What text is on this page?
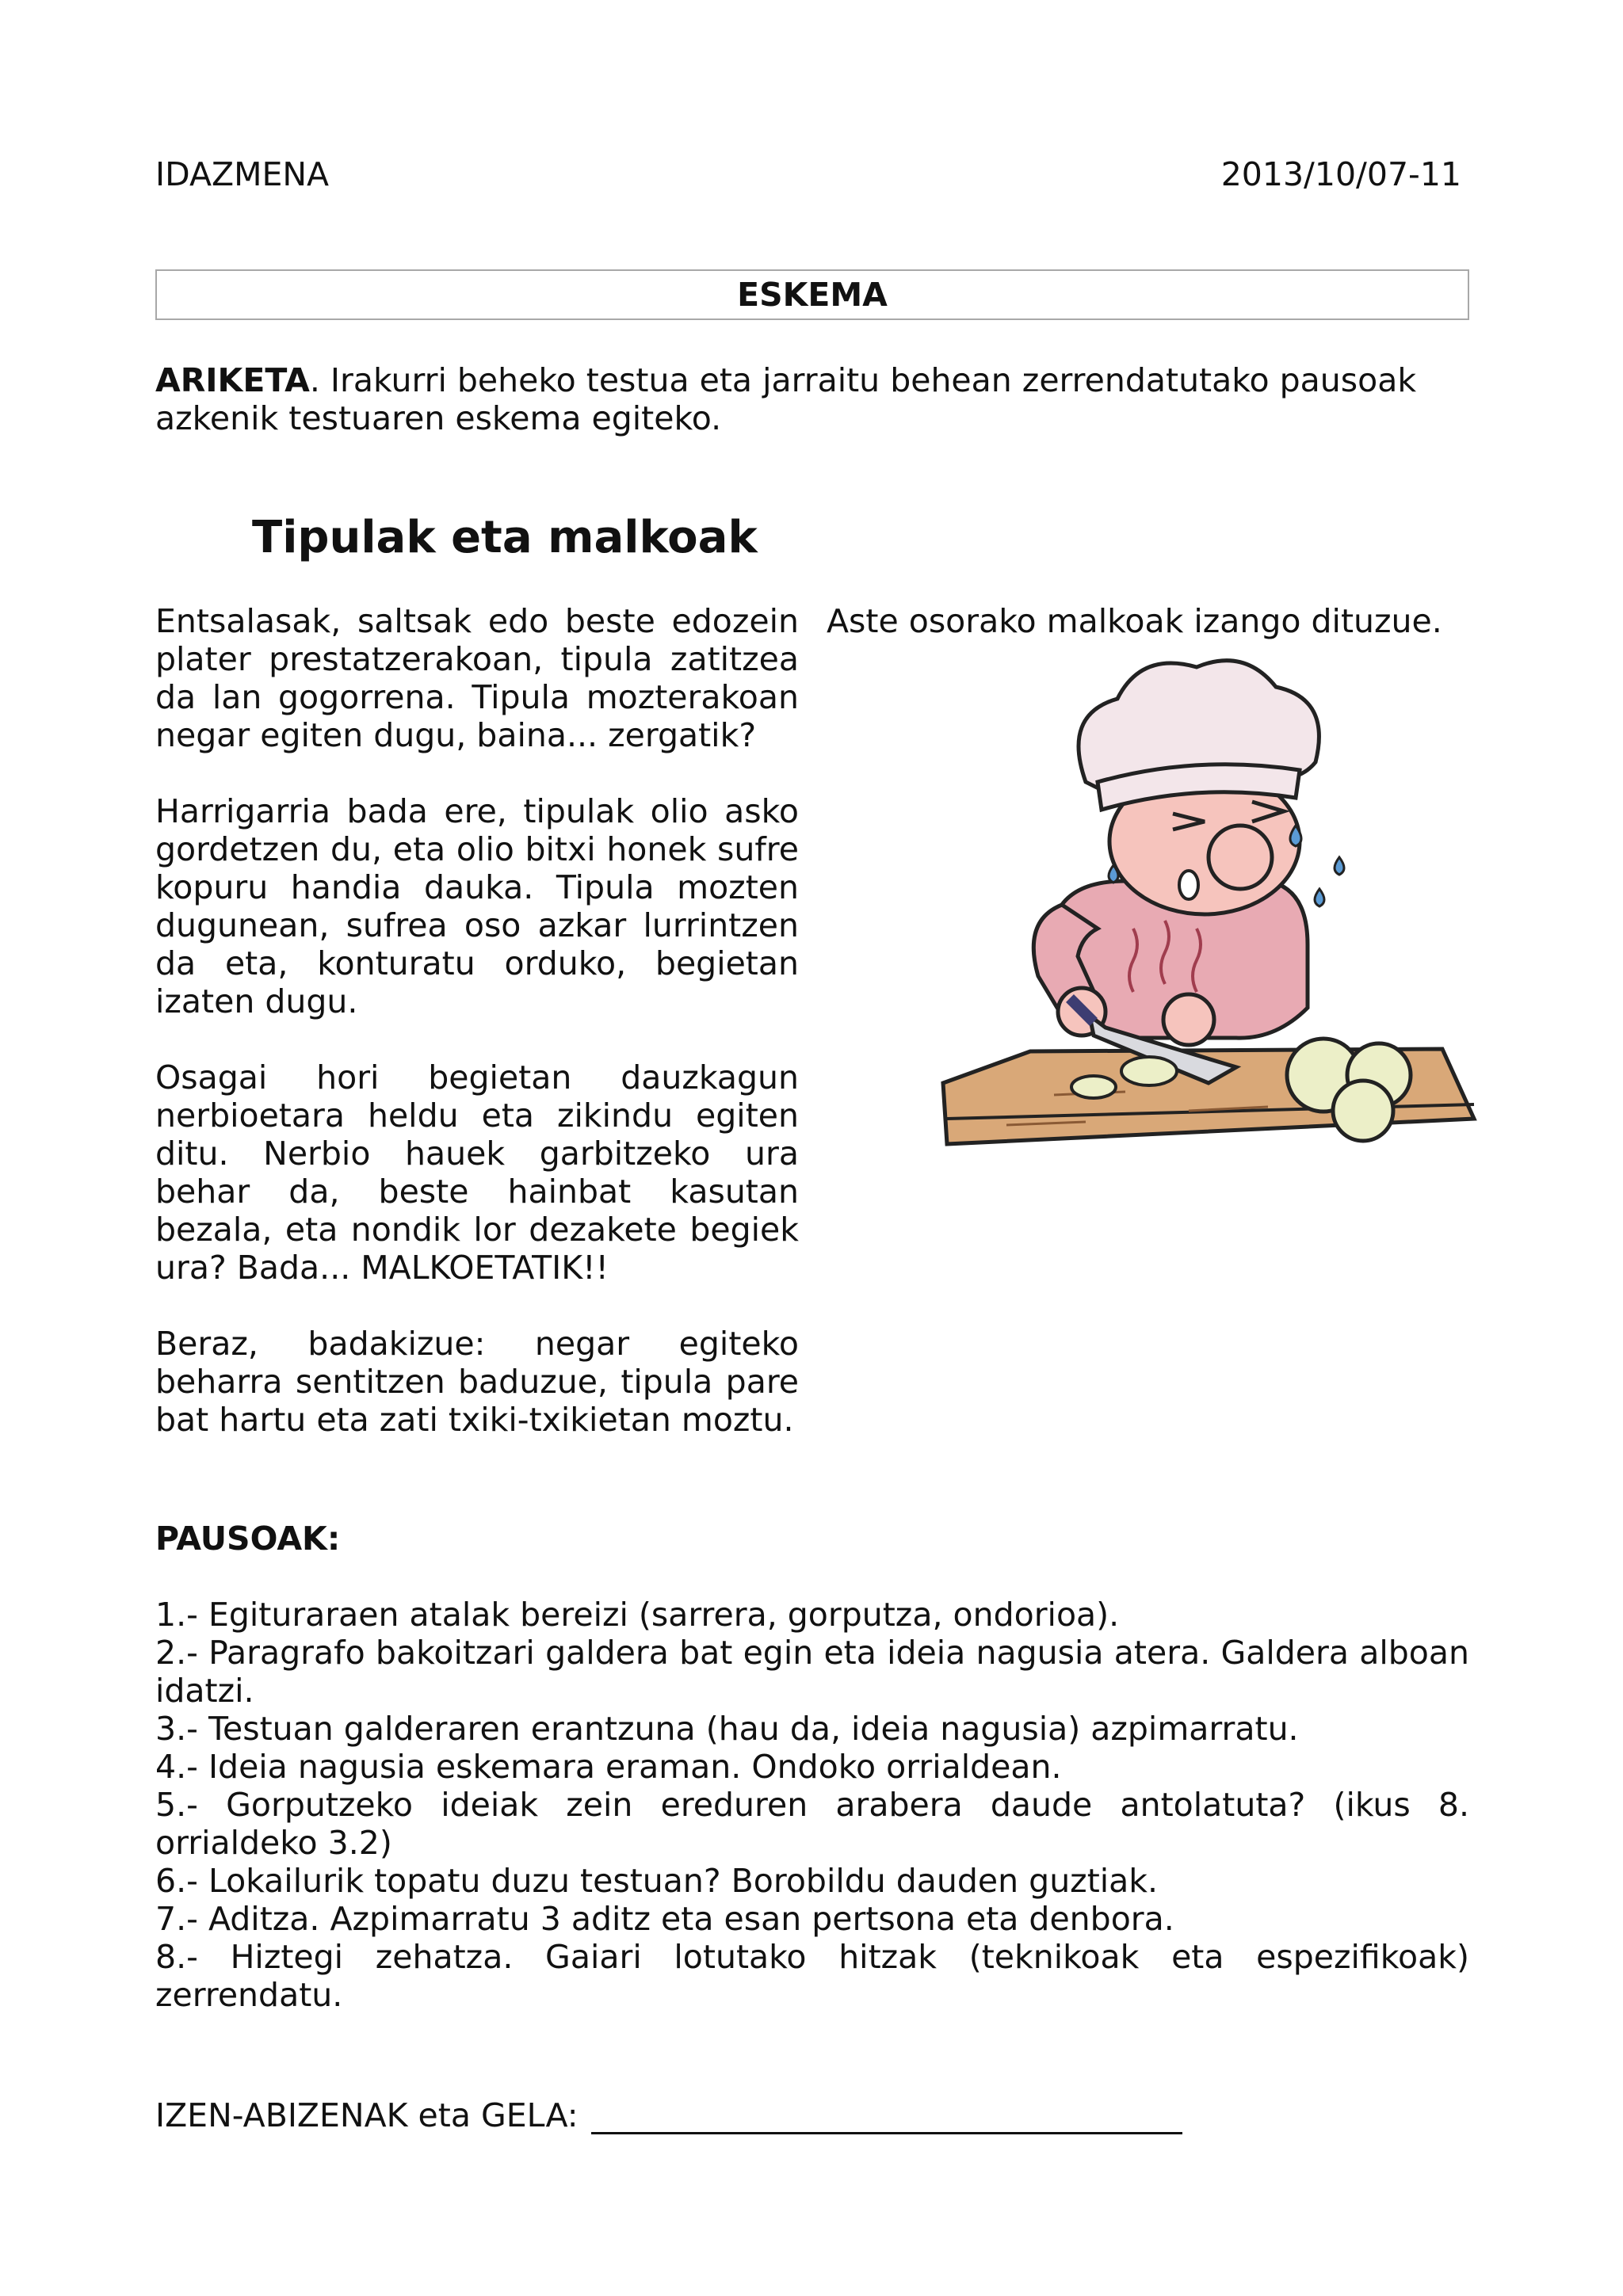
IDAZMENA	2013/10/07-11
ESKEMA
ARIKETA. Irakurri beheko testua eta jarraitu behean zerrendatutako pausoak azkenik testuaren eskema egiteko.
Tipulak eta malkoak

Entsalasak, saltsak edo beste edozein plater prestatzerakoan, tipula zatitzea da lan gogorrena. Tipula mozterakoan negar egiten dugu, baina... zergatik?

Harrigarria bada ere, tipulak olio asko gordetzen du, eta olio bitxi honek sufre kopuru handia dauka. Tipula mozten dugunean, sufrea oso azkar lurrintzen da eta, konturatu orduko, begietan izaten dugu.

Osagai hori begietan dauzkagun nerbioetara heldu eta zikindu egiten ditu. Nerbio hauek garbitzeko ura behar da, beste hainbat kasutan bezala, eta nondik lor dezakete begiek ura? Bada... MALKOETATIK!!

Beraz, badakizue: negar egiteko beharra sentitzen baduzue, tipula pare bat hartu eta zati txiki-txikietan moztu.

Aste osorako malkoak izango dituzue.
PAUSOAK:
1.- Egituraraen atalak bereizi (sarrera, gorputza, ondorioa).
2.- Paragrafo bakoitzari galdera bat egin eta ideia nagusia atera. Galdera alboan idatzi.
3.- Testuan galderaren erantzuna (hau da, ideia nagusia) azpimarratu.
4.- Ideia nagusia eskemara eraman. Ondoko orrialdean.
5.- Gorputzeko ideiak zein ereduren arabera daude antolatuta? (ikus 8. orrialdeko 3.2)
6.- Lokailurik topatu duzu testuan? Borobildu dauden guztiak.
7.- Aditza. Azpimarratu 3 aditz eta esan pertsona eta denbora.
8.- Hiztegi zehatza. Gaiari lotutako hitzak (teknikoak eta espezifikoak) zerrendatu.
IZEN-ABIZENAK eta GELA:
